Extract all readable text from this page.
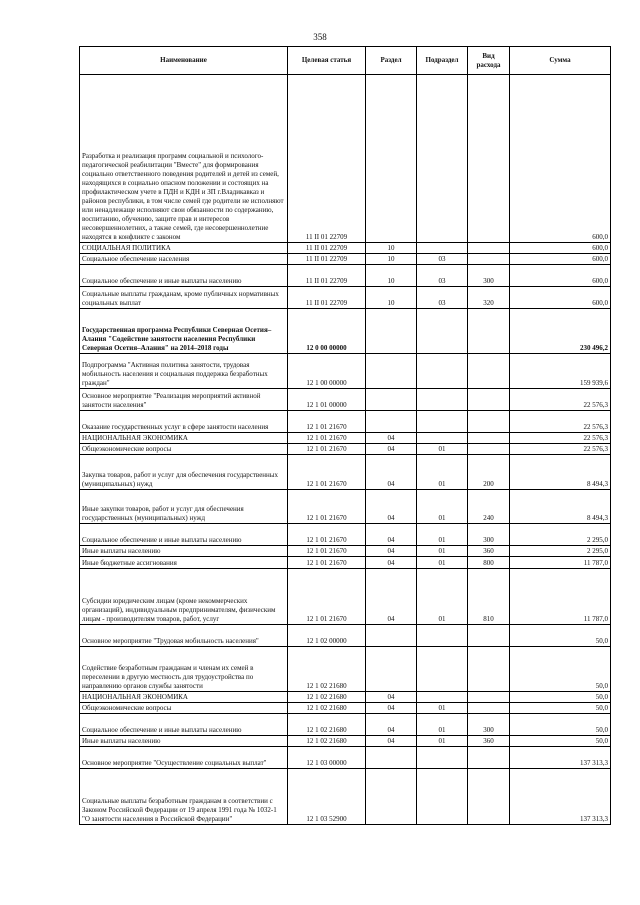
358
Наименование	Целевая статья	Раздел	Подраздел	Вид расхода	Сумма
Разработка и реализация программ социальной и психолого-педагогической реабилитации "Вместе" для формирования социально ответственного поведения родителей и детей из семей, находящихся в социально опасном положении и состоящих на профилактическом учете в ПДН и КДН и ЗП г.Владикавказ и районов республики, в том числе семей где родители не исполняют или ненадлежаще исполняют свои обязанности по содержанию, воспитанию, обучению, защите прав и интересов несовершеннолетних, а также семей, где несовершеннолетние находятся в конфликте с законом	11 II 01 22709				600,0
СОЦИАЛЬНАЯ ПОЛИТИКА	11 II 01 22709	10			600,0
Социальное обеспечение населения	11 II 01 22709	10	03		600,0
Социальное обеспечение и иные выплаты населению	11 II 01 22709	10	03	300	600,0
Социальные выплаты гражданам, кроме публичных нормативных социальных выплат	11 II 01 22709	10	03	320	600,0
Государственная программа Республики Северная Осетия–Алания "Содействие занятости населения Республики Северная Осетия–Алания" на 2014–2018 годы	12 0 00 00000				230 496,2
Подпрограмма "Активная политика занятости, трудовая мобильность населения и социальная поддержка безработных граждан"	12 1 00 00000				159 939,6
Основное мероприятие "Реализация мероприятий активной занятости населения"	12 1 01 00000				22 576,3
Оказание государственных услуг в сфере занятости населения	12 1 01 21670				22 576,3
НАЦИОНАЛЬНАЯ ЭКОНОМИКА	12 1 01 21670	04			22 576,3
Общеэкономические вопросы	12 1 01 21670	04	01		22 576,3
Закупка товаров, работ и услуг для обеспечения государственных (муниципальных) нужд	12 1 01 21670	04	01	200	8 494,3
Иные закупки товаров, работ и услуг для обеспечения государственных (муниципальных) нужд	12 1 01 21670	04	01	240	8 494,3
Социальное обеспечение и иные выплаты населению	12 1 01 21670	04	01	300	2 295,0
Иные выплаты населению	12 1 01 21670	04	01	360	2 295,0
Иные бюджетные ассигнования	12 1 01 21670	04	01	800	11 787,0
Субсидии юридическим лицам (кроме некоммерческих организаций), индивидуальным предпринимателям, физическим лицам - производителям товаров, работ, услуг	12 1 01 21670	04	01	810	11 787,0
Основное мероприятие "Трудовая мобильность населения"	12 1 02 00000				50,0
Содействие безработным гражданам и членам их семей в переселении в другую местность для трудоустройства по направлению органов службы занятости	12 1 02 21680				50,0
НАЦИОНАЛЬНАЯ ЭКОНОМИКА	12 1 02 21680	04			50,0
Общеэкономические вопросы	12 1 02 21680	04	01		50,0
Социальное обеспечение и иные выплаты населению	12 1 02 21680	04	01	300	50,0
Иные выплаты населению	12 1 02 21680	04	01	360	50,0
Основное мероприятие "Осуществление социальных выплат"	12 1 03 00000				137 313,3
Социальные выплаты безработным гражданам в соответствии с Законом Российской Федерации от 19 апреля 1991 года № 1032-1 "О занятости населения в Российской Федерации"	12 1 03 52900				137 313,3
